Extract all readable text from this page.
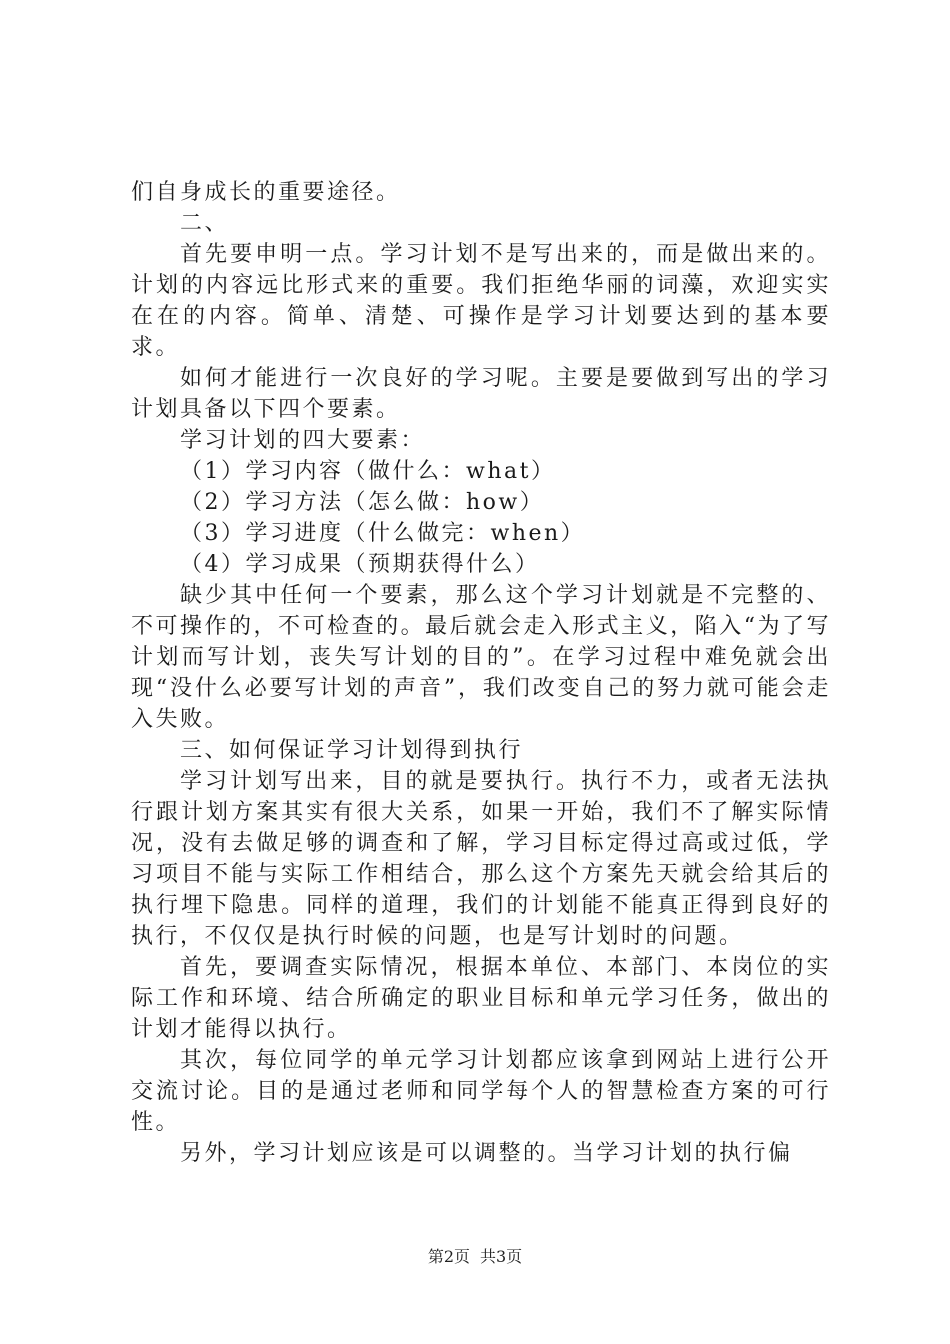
们自身成长的重要途径。

二、

首先要申明一点。学习计划不是写出来的，而是做出来的。计划的内容远比形式来的重要。我们拒绝华丽的词藻，欢迎实实在在的内容。简单、清楚、可操作是学习计划要达到的基本要求。

如何才能进行一次良好的学习呢。主要是要做到写出的学习计划具备以下四个要素。

学习计划的四大要素：

（1）学习内容（做什么：what）

（2）学习方法（怎么做：how）

（3）学习进度（什么做完：when）

（4）学习成果（预期获得什么）

缺少其中任何一个要素，那么这个学习计划就是不完整的、不可操作的，不可检查的。最后就会走入形式主义，陷入“为了写计划而写计划，丧失写计划的目的”。在学习过程中难免就会出现“没什么必要写计划的声音”，我们改变自己的努力就可能会走入失败。

三、如何保证学习计划得到执行

学习计划写出来，目的就是要执行。执行不力，或者无法执行跟计划方案其实有很大关系，如果一开始，我们不了解实际情况，没有去做足够的调查和了解，学习目标定得过高或过低，学习项目不能与实际工作相结合，那么这个方案先天就会给其后的执行埋下隐患。同样的道理，我们的计划能不能真正得到良好的执行，不仅仅是执行时候的问题，也是写计划时的问题。

首先，要调查实际情况，根据本单位、本部门、本岗位的实际工作和环境、结合所确定的职业目标和单元学习任务，做出的计划才能得以执行。

其次，每位同学的单元学习计划都应该拿到网站上进行公开交流讨论。目的是通过老师和同学每个人的智慧检查方案的可行性。

另外，学习计划应该是可以调整的。当学习计划的执行偏

第2页 共3页
